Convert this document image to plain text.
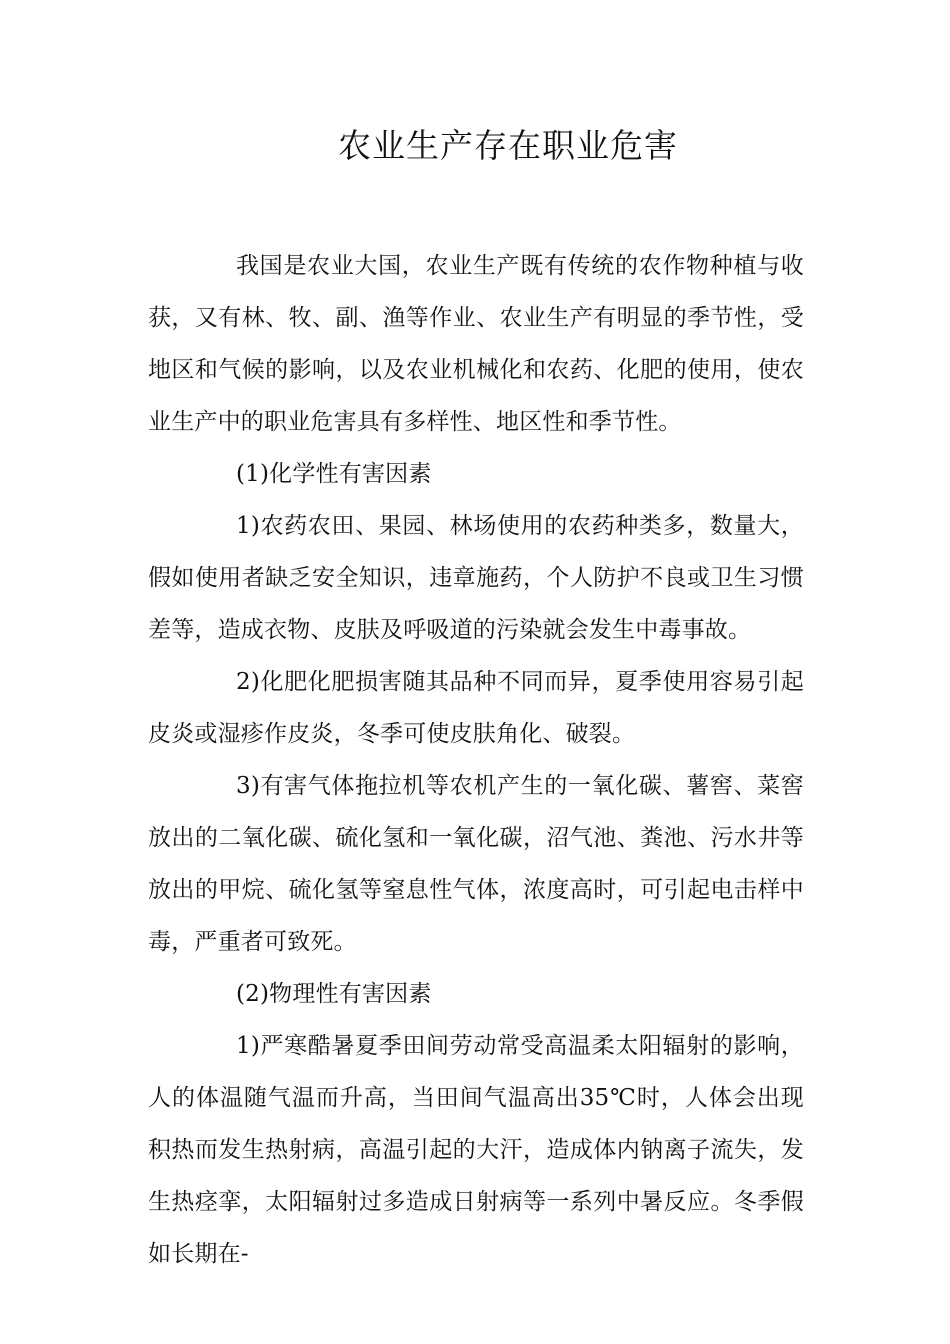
农业生产存在职业危害

我国是农业大国，农业生产既有传统的农作物种植与收获，又有林、牧、副、渔等作业、农业生产有明显的季节性，受地区和气候的影响，以及农业机械化和农药、化肥的使用，使农业生产中的职业危害具有多样性、地区性和季节性。

(1)化学性有害因素

1)农药农田、果园、林场使用的农药种类多，数量大，假如使用者缺乏安全知识，违章施药，个人防护不良或卫生习惯差等，造成衣物、皮肤及呼吸道的污染就会发生中毒事故。

2)化肥化肥损害随其品种不同而异，夏季使用容易引起皮炎或湿疹作皮炎，冬季可使皮肤角化、破裂。

3)有害气体拖拉机等农机产生的一氧化碳、薯窖、菜窖放出的二氧化碳、硫化氢和一氧化碳，沼气池、粪池、污水井等放出的甲烷、硫化氢等窒息性气体，浓度高时，可引起电击样中毒，严重者可致死。

(2)物理性有害因素

1)严寒酷暑夏季田间劳动常受高温柔太阳辐射的影响，人的体温随气温而升高，当田间气温高出35℃时，人体会出现积热而发生热射病，高温引起的大汗，造成体内钠离子流失，发生热痉挛，太阳辐射过多造成日射病等一系列中暑反应。冬季假如长期在-
